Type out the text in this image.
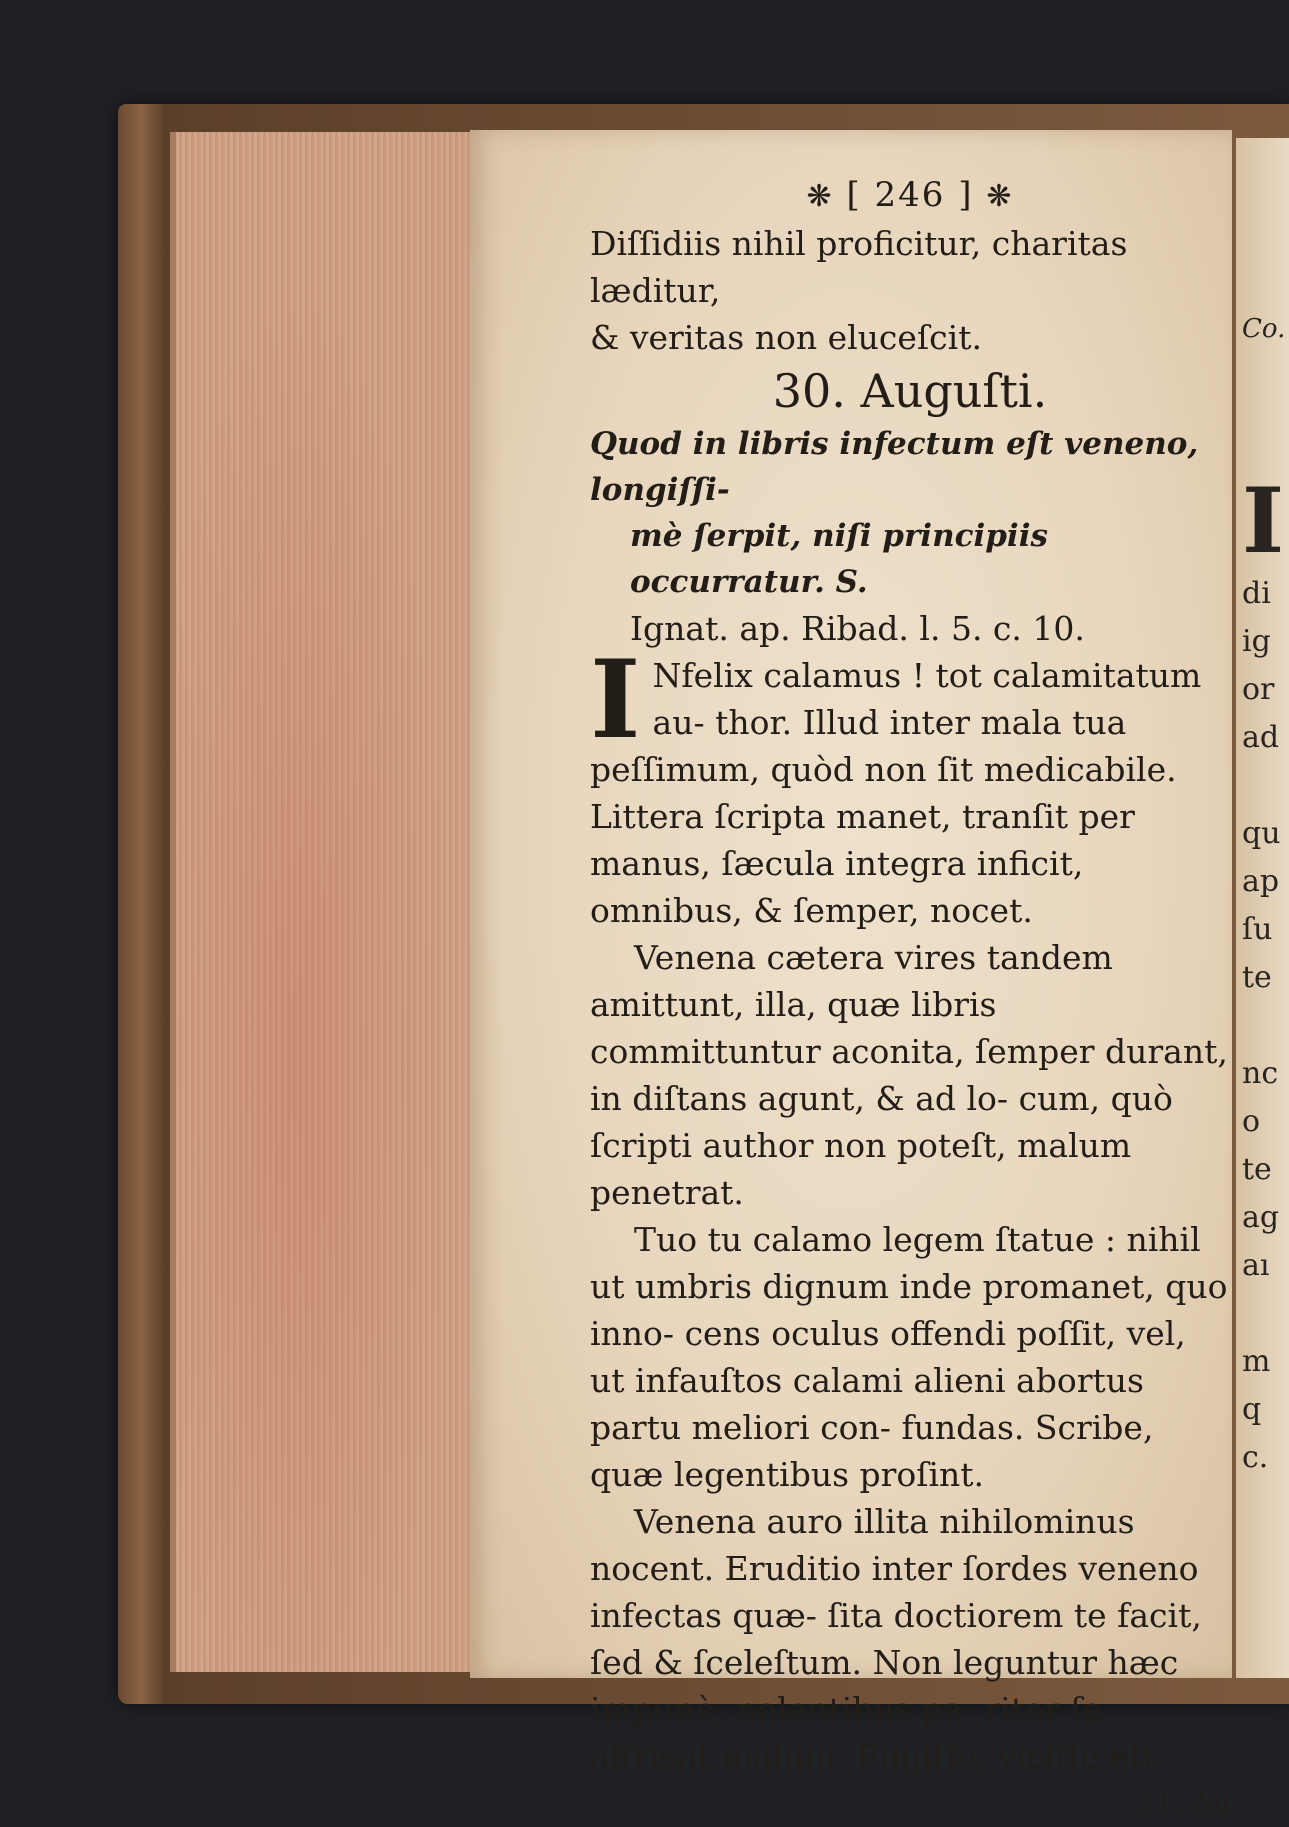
❋ [ 246 ] ❋

Diſſidiis nihil proficitur, charitas læditur,

& veritas non eluceſcit.

30. Auguſti.

Quod in libris infectum eſt veneno, longiſſi-

mè ſerpit, niſi principiis occurratur. S.

Ignat. ap. Ribad. l. 5. c. 10.

I Nfelix calamus ! tot calamitatum au- thor. Illud inter mala tua peſſimum, quòd non ſit medicabile. Littera ſcripta manet, tranſit per manus, ſæcula integra inficit, omnibus, & ſemper, nocet.

Venena cætera vires tandem amittunt, illa, quæ libris committuntur aconita, ſemper durant, in diſtans agunt, & ad lo- cum, quò ſcripti author non poteſt, malum penetrat.

Tuo tu calamo legem ſtatue : nihil ut umbris dignum inde promanet, quo inno- cens oculus offendi poſſit, vel, ut infauſtos calami alieni abortus partu meliori con- fundas. Scribe, quæ legentibus proſint.

Venena auro illita nihilominus nocent. Eruditio inter ſordes veneno infectas quæ- ſita doctiorem te facit, ſed & ſceleſtum. Non leguntur hæc impunè, nolentibus pa- riter ſe affricat malum. Fugiſſe, viciſſe eſt.

31. Au

Co.
I
di
ig
or
ad
qu
ap
ſu
te
nc
o
te
ag
aı
m
q
c.
